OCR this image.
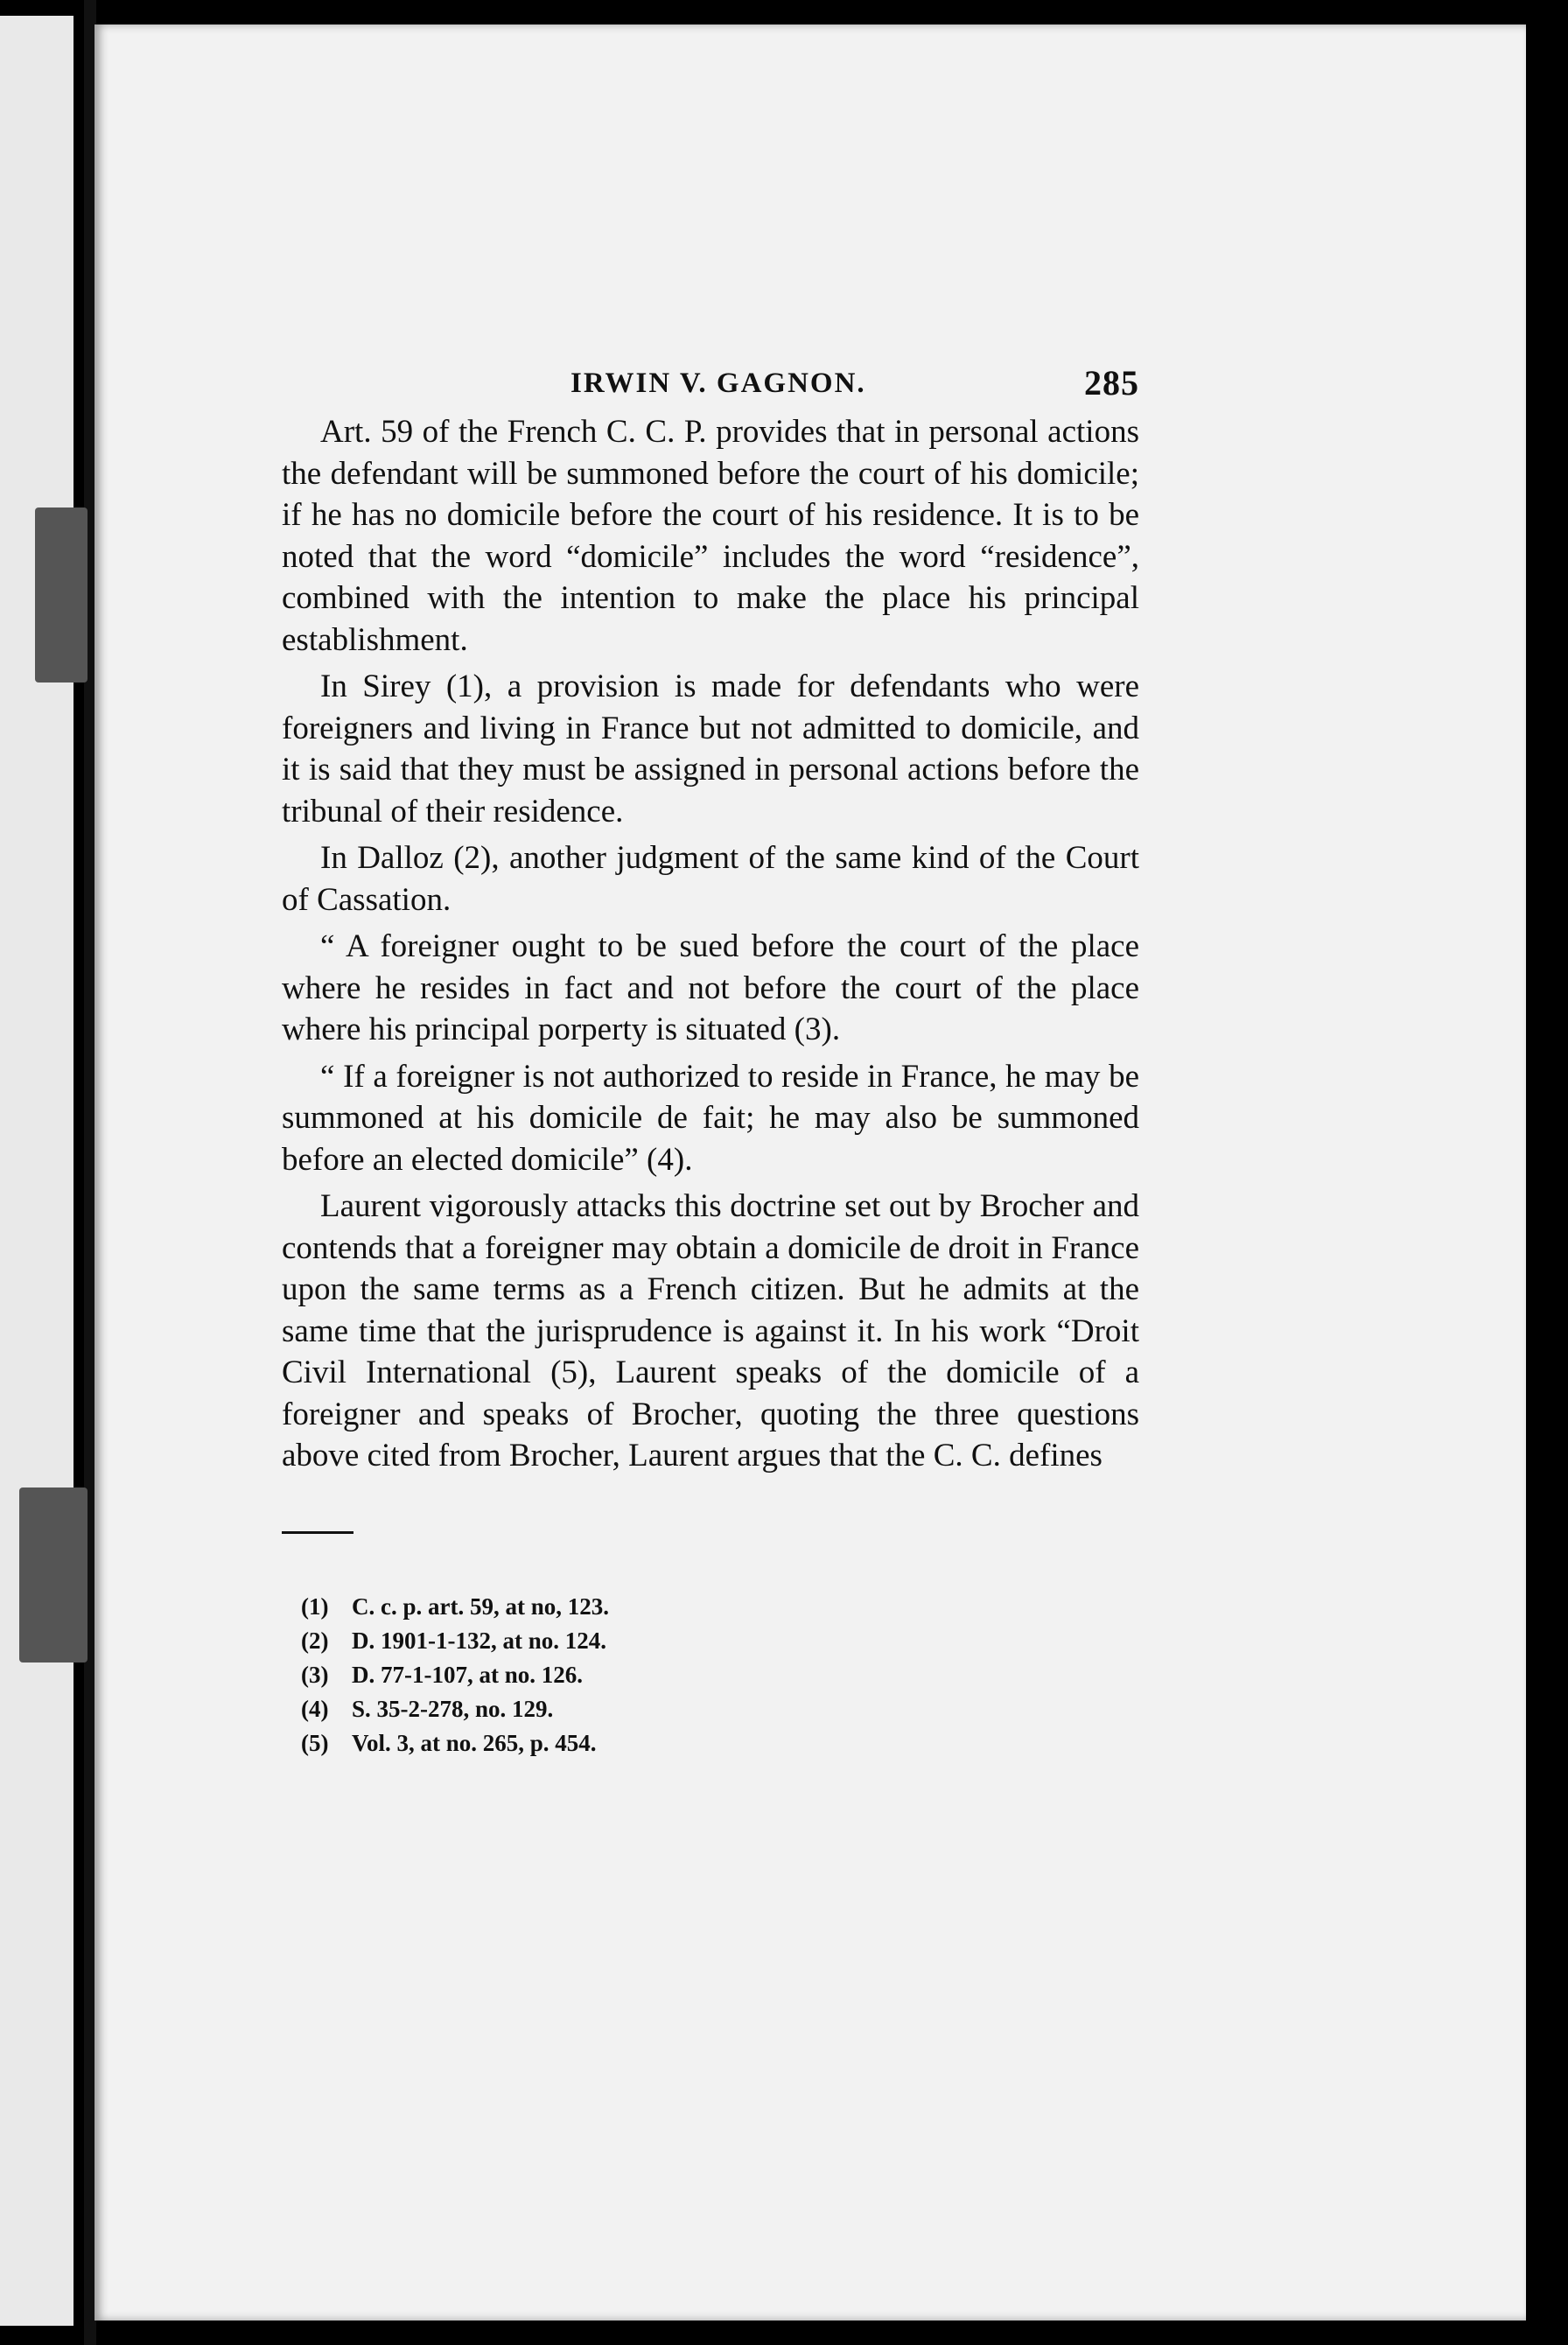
IRWIN V. GAGNON.	285

Art. 59 of the French C. C. P. provides that in personal actions the defendant will be summoned before the court of his domicile; if he has no domicile before the court of his residence. It is to be noted that the word “domicile” includes the word “residence”, combined with the intention to make the place his principal establishment.

In Sirey (1), a provision is made for defendants who were foreigners and living in France but not admitted to domicile, and it is said that they must be assigned in personal actions before the tribunal of their residence.

In Dalloz (2), another judgment of the same kind of the Court of Cassation.

“ A foreigner ought to be sued before the court of the place where he resides in fact and not before the court of the place where his principal porperty is situated (3).

“ If a foreigner is not authorized to reside in France, he may be summoned at his domicile de fait; he may also be summoned before an elected domicile” (4).

Laurent vigorously attacks this doctrine set out by Brocher and contends that a foreigner may obtain a domicile de droit in France upon the same terms as a French citizen. But he admits at the same time that the jurisprudence is against it. In his work “Droit Civil International (5), Laurent speaks of the domicile of a foreigner and speaks of Brocher, quoting the three questions above cited from Brocher, Laurent argues that the C. C. defines

(1) C. c. p. art. 59, at no, 123.
(2) D. 1901-1-132, at no. 124.
(3) D. 77-1-107, at no. 126.
(4) S. 35-2-278, no. 129.
(5) Vol. 3, at no. 265, p. 454.
